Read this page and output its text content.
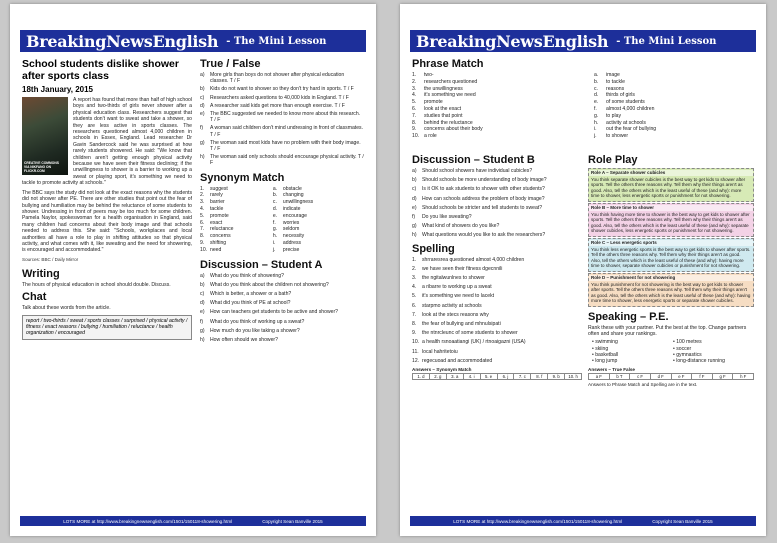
BreakingNewsEnglish - The Mini Lesson
School students dislike shower after sports class
18th January, 2015
CREATIVE COMMONS
VIA NIKFANG ON FLICKR.COM

A report has found that more than half of high school boys and two-thirds of girls never shower after a physical education class. Researchers suggest that students don't want to sweat and take a shower, so they are less active in sports classes. The researchers questioned almost 4,000 children in schools in Essex, England. Lead researcher Dr Gavin Sandercock said he was surprised at how rarely students showered. He said: "We know that children aren't getting enough physical activity because we have seen their fitness declining; if the unwillingness to shower is a barrier to working up a sweat or playing sport, it's something we need to tackle to promote activity at schools."

The BBC says the study did not look at the exact reasons why the students did not shower after PE. There are other studies that point out the fear of bullying and humiliation may be behind the reluctance of some students to shower. Undressing in front of peers may be too much for some children. Pamela Naylor, spokeswoman for a health organisation in England, said many children had concerns about their body image and that schools needed to address this. She said: "Schools, workplaces and local authorities all have a role to play in shifting attitudes so that physical activity, and what comes with it, like sweating and the need for showering, is encouraged and accommodated."

Sources: BBC / Daily Mirror
Writing

The hours of physical education in school should double. Discuss.

Chat

Talk about these words from the article.

report / two-thirds / sweat / sports classes / surprised / physical activity / fitness / exact reasons / bullying / humiliation / reluctance / health organization / encouraged
True / False
a) More girls than boys do not shower after physical education classes. T / F
b) Kids do not want to shower so they don't try hard in sports. T / F
c) Researchers asked questions to 40,000 kids in England. T / F
d) A researcher said kids get more than enough exercise. T / F
e) The BBC suggested we needed to know more about this research. T / F
f) A woman said children don't mind undressing in front of classmates. T / F
g) The woman said most kids have no problem with their body image. T / F
h) The woman said only schools should encourage physical activity. T / F
Synonym Match
1.	suggest	a.	obstacle
2.	rarely	b.	changing
3.	barrier	c.	unwillingness
4.	tackle	d.	indicate
5.	promote	e.	encourage
6.	exact	f.	worries
7.	reluctance	g.	seldom
8.	concerns	h.	necessity
9.	shifting	i.	address
10.	need	j.	precise
Discussion – Student A
a) What do you think of showering?
b) What do you think about the children not showering?
c) Which is better, a shower or a bath?
d) What did you think of PE at school?
e) How can teachers get students to be active and shower?
f) What do you think of working up a sweat?
g) How much do you like taking a shower?
h) How often should we shower?
LOTS MORE at http://www.breakingnewsenglish.com/1501/150118-showering.html	Copyright Sean Banville 2015
BreakingNewsEnglish - The Mini Lesson
Phrase Match
1.	two-	a.	image
2.	researchers questioned	b.	to tackle
3.	the unwillingness	c.	reasons
4.	it's something we need	d.	thirds of girls
5.	promote	e.	of some students
6.	look at the exact	f.	almost 4,000 children
7.	studies that point	g.	to play
8.	behind the reluctance	h.	activity at schools
9.	concerns about their body	i.	out the fear of bullying
10.	a role	j.	to shower
Discussion – Student B
a) Should school showers have individual cubicles?
b) Should schools be more understanding of body image?
c) Is it OK to ask students to shower with other students?
d) How can schools address the problem of body image?
e) Should schools be stricter and tell students to sweat?
f) Do you like sweating?
g) What kind of showers do you like?
h) What questions would you like to ask the researchers?
Spelling
1. shrraresrea questioned almost 4,000 children
2. we have seen their fitness dgecnnili
3. the ngitalwunlnes to shower
4. a ribarre to working up a sweat
5. it's something we need to lacekt
6. starpmo activity at schools
7. look at the stecs reasons why
8. the fear of bullying and mhnulsipati
9. the ntnrcleunc of some students to shower
10. a health rsnoaatiangi (UK) / rtnoaigazni (USA)
11. local hahritetoiu
12. regecuoad and accommodated
Answers – Synonym Match
1. d	2. g	3. a	4. i	5. e	6. j	7. c	8. f	9. b	10. h
Role Play
Role A – Separate shower cubicles
You think separate shower cubicles is the best way to get kids to shower after sports. Tell the others three reasons why. Tell them why their things aren't as good. Also, tell the others which is the least useful of these (and why): more time to shower, less energetic sports or punishment for not showering.
Role B – More time to shower
You think having more time to shower is the best way to get kids to shower after sports. Tell the others three reasons why. Tell them why their things aren't as good. Also, tell the others which is the least useful of these (and why): separate shower cubicles, less energetic sports or punishment for not showering.
Role C – Less energetic sports
You think less energetic sports is the best way to get kids to shower after sports. Tell the others three reasons why. Tell them why their things aren't as good. Also, tell the others which is the least useful of these (and why): having more time to shower, separate shower cubicles or punishment for not showering.
Role D – Punishment for not showering
You think punishment for not showering is the best way to get kids to shower after sports. Tell the others three reasons why. Tell them why their things aren't as good. Also, tell the others which is the least useful of these (and why): having more time to shower, less energetic sports or separate shower cubicles.
Speaking – P.E.
Rank these with your partner. Put the best at the top. Change partners often and share your rankings.
• swimming	• 100 metres
• skiing	• soccer
• basketball	• gymnastics
• long jump	• long-distance running
Answers – True False
a F	b T	c F	d F	e F	f F	g F	h F
Answers to Phrase Match and Spelling are in the text.
LOTS MORE at http://www.breakingnewsenglish.com/1501/150118-showering.html	Copyright Sean Banville 2015
